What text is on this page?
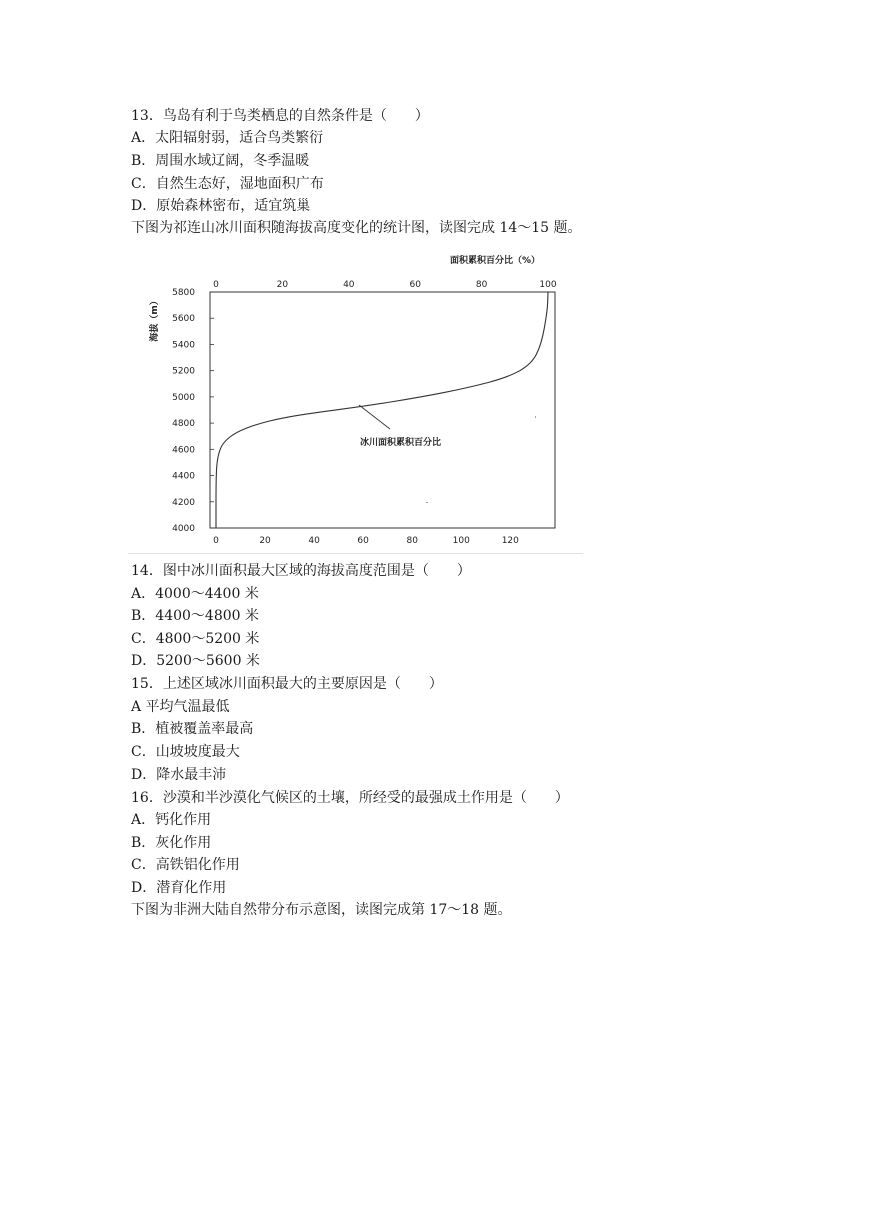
13．鸟岛有利于鸟类栖息的自然条件是（　　）
A．太阳辐射弱，适合鸟类繁衍
B．周围水域辽阔，冬季温暖
C．自然生态好，湿地面积广布
D．原始森林密布，适宜筑巢
下图为祁连山冰川面积随海拔高度变化的统计图，读图完成 14～15 题。
面积累积百分比（%）
海拔（m）
0	20	40	60	80	100
0	20	40	60	80	100	120
4000
4200
4400
4600
4800
5000
5200
5400
5600
5800
冰川面积累积百分比
14．图中冰川面积最大区域的海拔高度范围是（　　）
A．4000～4400 米
B．4400～4800 米
C．4800～5200 米
D．5200～5600 米
15．上述区域冰川面积最大的主要原因是（　　）
A 平均气温最低
B．植被覆盖率最高
C．山坡坡度最大
D．降水最丰沛
16．沙漠和半沙漠化气候区的土壤，所经受的最强成土作用是（　　）
A．钙化作用
B．灰化作用
C．高铁铝化作用
D．潜育化作用
下图为非洲大陆自然带分布示意图，读图完成第 17～18 题。
